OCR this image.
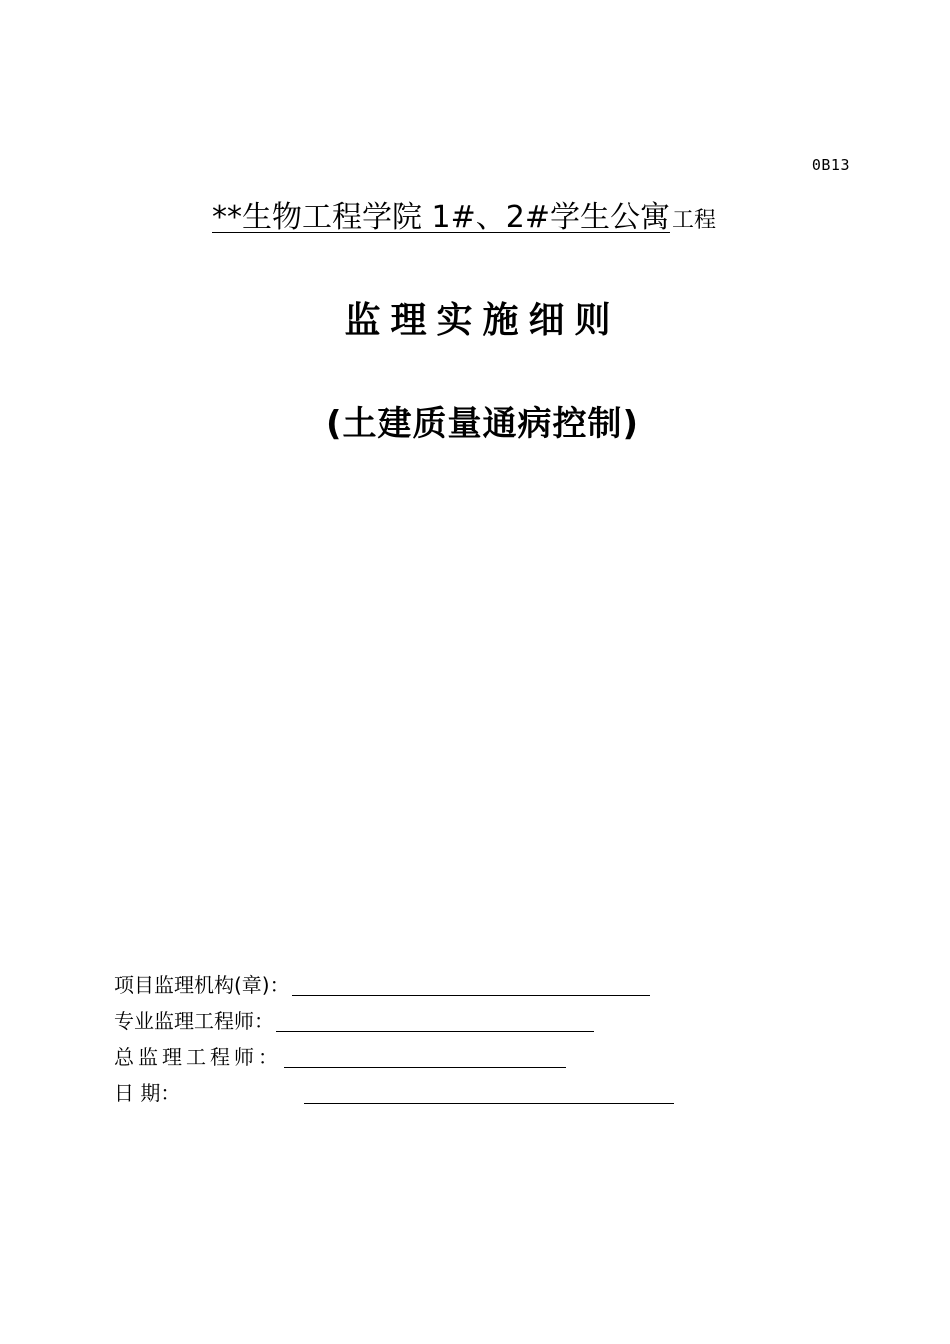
0B13
**生物工程学院 1#、2#学生公寓工程
监理实施细则
(土建质量通病控制)
项目监理机构(章)：
专业监理工程师：
总监理工程师：
日 期：
